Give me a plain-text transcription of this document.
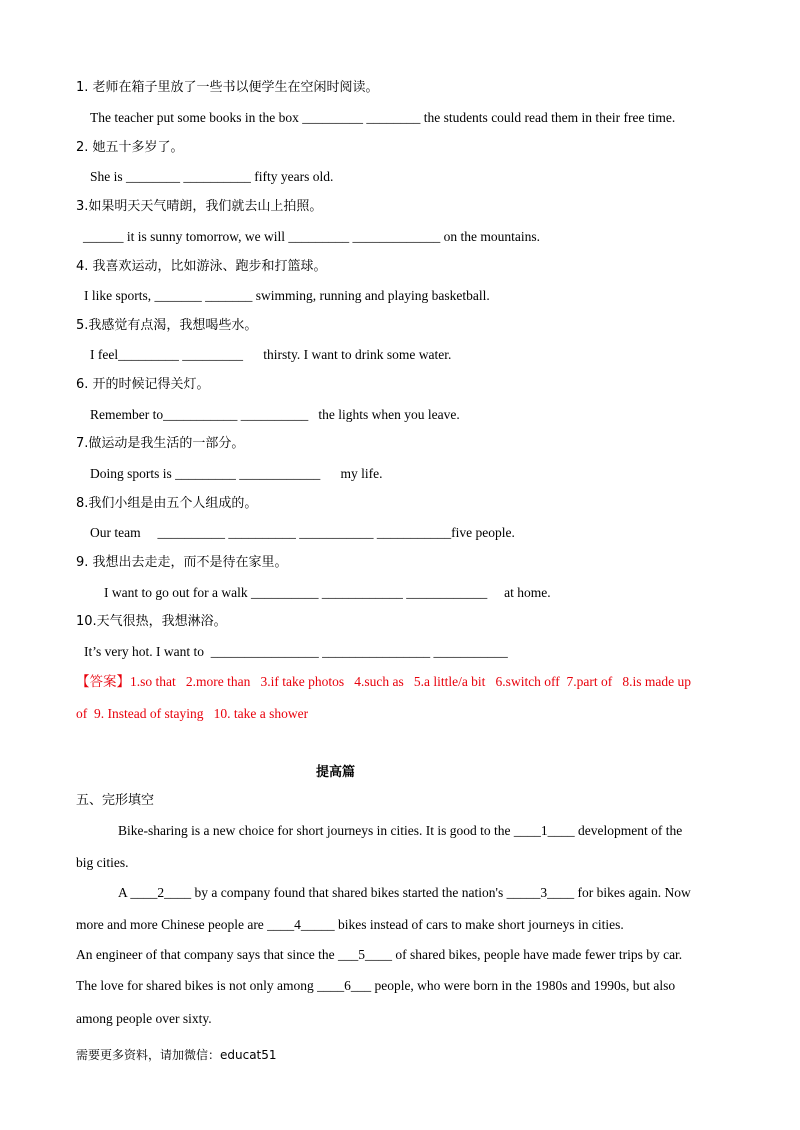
1. 老师在箱子里放了一些书以便学生在空闲时阅读。
The teacher put some books in the box _________ ________ the students could read them in their free time.
2. 她五十多岁了。
She is ________ __________ fifty years old.
3.如果明天天气晴朗，我们就去山上拍照。
______ it is sunny tomorrow, we will _________ _____________ on the mountains.
4. 我喜欢运动，比如游泳、跑步和打篮球。
I like sports, _______ _______ swimming, running and playing basketball.
5.我感觉有点渴，我想喝些水。
I feel_________ _________      thirsty. I want to drink some water.
6. 开的时候记得关灯。
Remember to___________ __________   the lights when you leave.
7.做运动是我生活的一部分。
Doing sports is _________ ____________      my life.
8.我们小组是由五个人组成的。
Our team     __________ __________ ___________ ___________five people.
9. 我想出去走走，而不是待在家里。
I want to go out for a walk __________ ____________ ____________     at home.
10.天气很热，我想淋浴。
It’s very hot. I want to  ________________ ________________ ___________
【答案】1.so that   2.more than   3.if take photos   4.such as   5.a little/a bit   6.switch off  7.part of   8.is made up
of  9. Instead of staying   10. take a shower
提高篇
五、完形填空
Bike-sharing is a new choice for short journeys in cities. It is good to the ____1____ development of the
big cities.
A ____2____ by a company found that shared bikes started the nation's _____3____ for bikes again. Now
more and more Chinese people are ____4_____ bikes instead of cars to make short journeys in cities.
An engineer of that company says that since the ___5____ of shared bikes, people have made fewer trips by car.
The love for shared bikes is not only among ____6___ people, who were born in the 1980s and 1990s, but also
among people over sixty.
需要更多资料，请加微信：educat51
